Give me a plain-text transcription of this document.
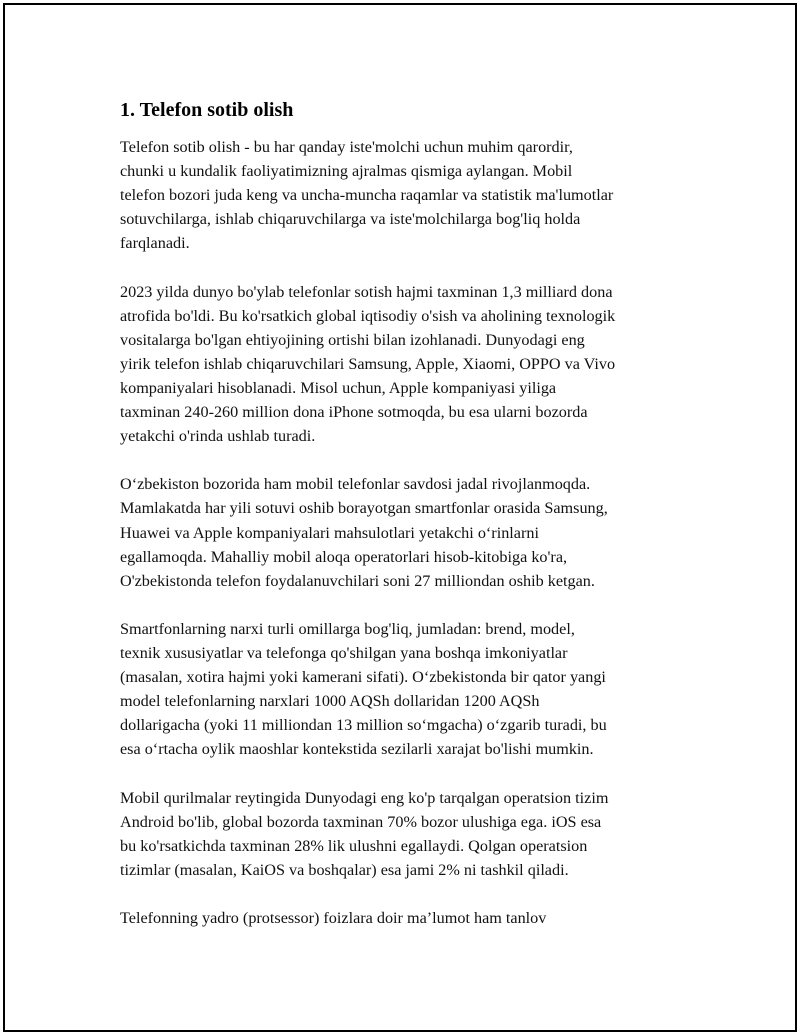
1. Telefon sotib olish

Telefon sotib olish - bu har qanday iste'molchi uchun muhim qarordir,
chunki u kundalik faoliyatimizning ajralmas qismiga aylangan. Mobil
telefon bozori juda keng va uncha-muncha raqamlar va statistik ma'lumotlar
sotuvchilarga, ishlab chiqaruvchilarga va iste'molchilarga bog'liq holda
farqlanadi.

2023 yilda dunyo bo'ylab telefonlar sotish hajmi taxminan 1,3 milliard dona
atrofida bo'ldi. Bu ko'rsatkich global iqtisodiy o'sish va aholining texnologik
vositalarga bo'lgan ehtiyojining ortishi bilan izohlanadi. Dunyodagi eng
yirik telefon ishlab chiqaruvchilari Samsung, Apple, Xiaomi, OPPO va Vivo
kompaniyalari hisoblanadi. Misol uchun, Apple kompaniyasi yiliga
taxminan 240-260 million dona iPhone sotmoqda, bu esa ularni bozorda
yetakchi o'rinda ushlab turadi.

O‘zbekiston bozorida ham mobil telefonlar savdosi jadal rivojlanmoqda.
Mamlakatda har yili sotuvi oshib borayotgan smartfonlar orasida Samsung,
Huawei va Apple kompaniyalari mahsulotlari yetakchi o‘rinlarni
egallamoqda. Mahalliy mobil aloqa operatorlari hisob-kitobiga ko'ra,
O'zbekistonda telefon foydalanuvchilari soni 27 milliondan oshib ketgan.

Smartfonlarning narxi turli omillarga bog'liq, jumladan: brend, model,
texnik xususiyatlar va telefonga qo'shilgan yana boshqa imkoniyatlar
(masalan, xotira hajmi yoki kamerani sifati). O‘zbekistonda bir qator yangi
model telefonlarning narxlari 1000 AQSh dollaridan 1200 AQSh
dollarigacha (yoki 11 milliondan 13 million so‘mgacha) o‘zgarib turadi, bu
esa o‘rtacha oylik maoshlar kontekstida sezilarli xarajat bo'lishi mumkin.

Mobil qurilmalar reytingida Dunyodagi eng ko'p tarqalgan operatsion tizim
Android bo'lib, global bozorda taxminan 70% bozor ulushiga ega. iOS esa
bu ko'rsatkichda taxminan 28% lik ulushni egallaydi. Qolgan operatsion
tizimlar (masalan, KaiOS va boshqalar) esa jami 2% ni tashkil qiladi.

Telefonning yadro (protsessor) foizlara doir ma’lumot ham tanlov
